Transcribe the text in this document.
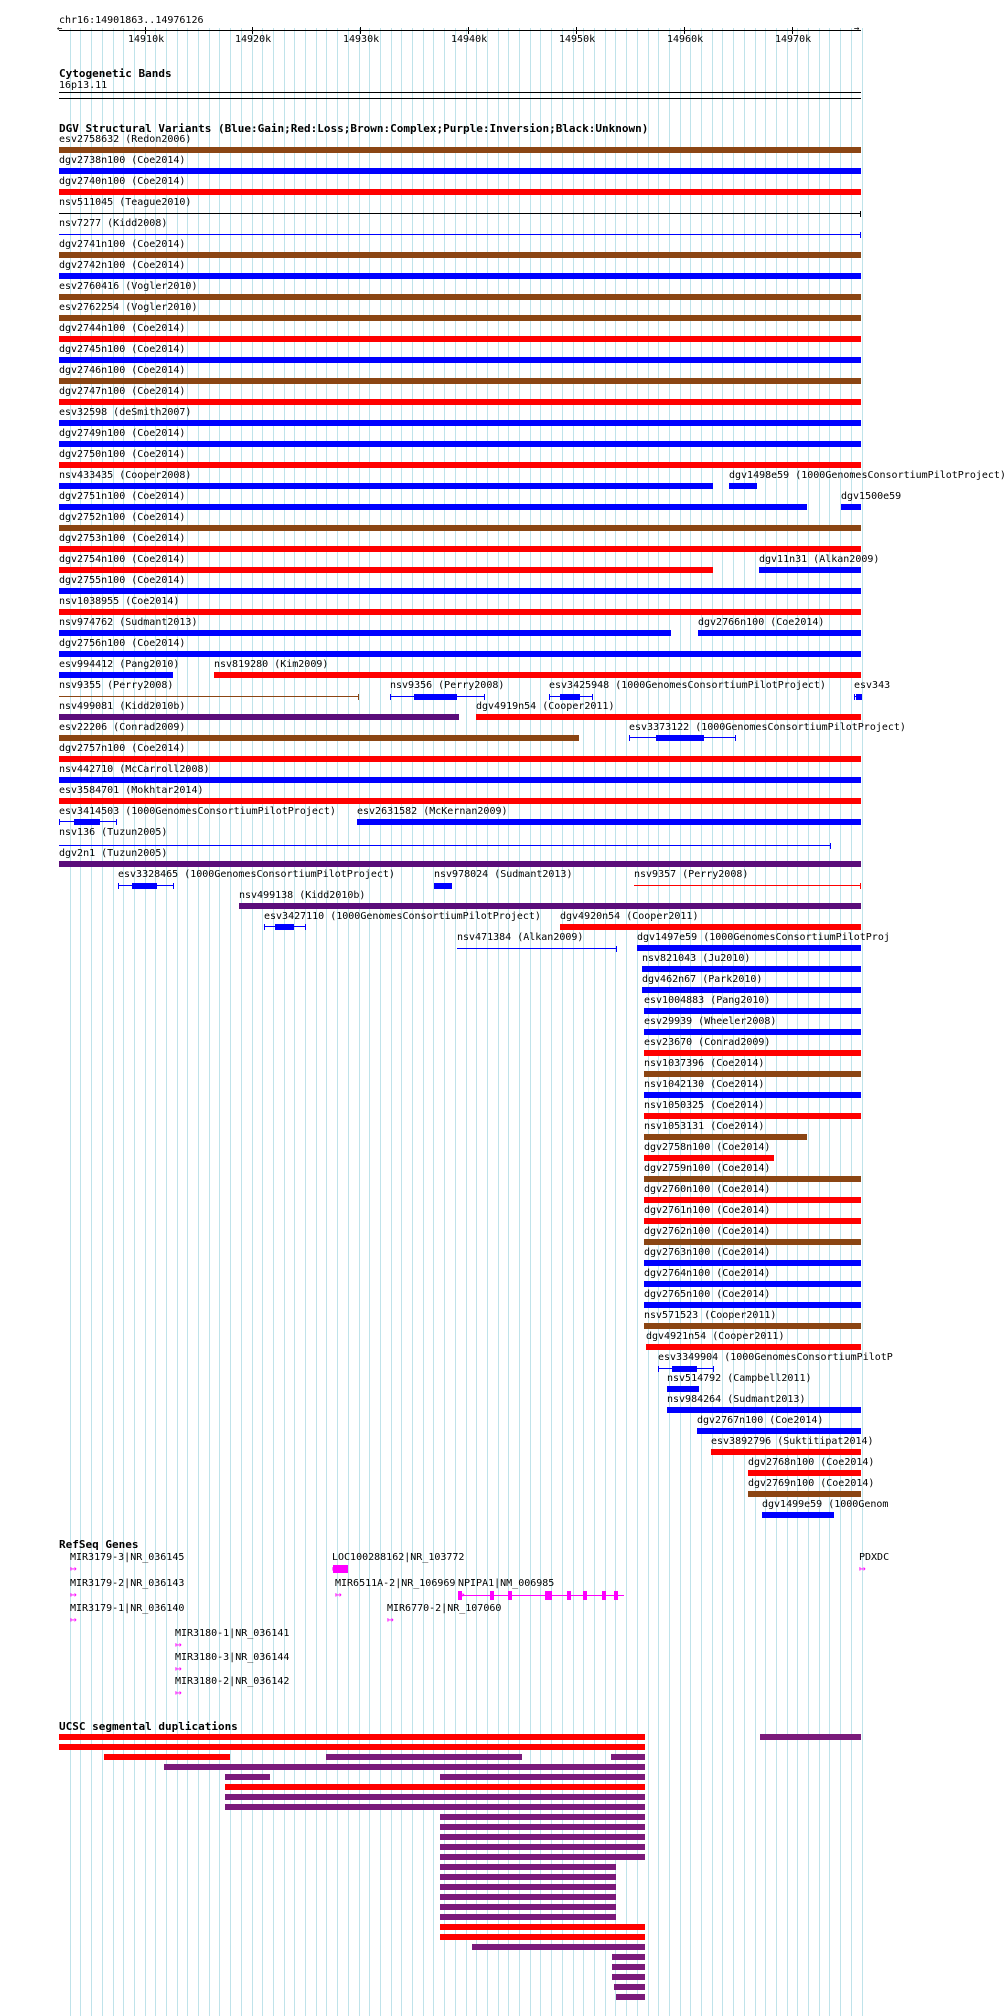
chr16:14901863..14976126
14910k	14920k	14930k	14940k	14950k	14960k	14970k
←	→
Cytogenetic Bands
16p13.11
DGV Structural Variants (Blue:Gain;Red:Loss;Brown:Complex;Purple:Inversion;Black:Unknown)
esv2758632 (Redon2006)
dgv2738n100 (Coe2014)
dgv2740n100 (Coe2014)
nsv511045 (Teague2010)
nsv7277 (Kidd2008)
dgv2741n100 (Coe2014)
dgv2742n100 (Coe2014)
esv2760416 (Vogler2010)
esv2762254 (Vogler2010)
dgv2744n100 (Coe2014)
dgv2745n100 (Coe2014)
dgv2746n100 (Coe2014)
dgv2747n100 (Coe2014)
esv32598 (deSmith2007)
dgv2749n100 (Coe2014)
dgv2750n100 (Coe2014)
nsv433435 (Cooper2008)	dgv1498e59 (1000GenomesConsortiumPilotProject)
dgv2751n100 (Coe2014)	dgv1500e59
dgv2752n100 (Coe2014)
dgv2753n100 (Coe2014)
dgv2754n100 (Coe2014)	dgv11n31 (Alkan2009)
dgv2755n100 (Coe2014)
nsv1038955 (Coe2014)
nsv974762 (Sudmant2013)	dgv2766n100 (Coe2014)
dgv2756n100 (Coe2014)
esv994412 (Pang2010)	nsv819280 (Kim2009)
nsv9355 (Perry2008)	nsv9356 (Perry2008)	esv3425948 (1000GenomesConsortiumPilotProject)	esv343
nsv499081 (Kidd2010b)	dgv4919n54 (Cooper2011)
esv22206 (Conrad2009)	esv3373122 (1000GenomesConsortiumPilotProject)
dgv2757n100 (Coe2014)
nsv442710 (McCarroll2008)
esv3584701 (Mokhtar2014)
esv3414503 (1000GenomesConsortiumPilotProject) esv2631582 (McKernan2009)
nsv136 (Tuzun2005)
dgv2n1 (Tuzun2005)
esv3328465 (1000GenomesConsortiumPilotProject)	nsv978024 (Sudmant2013)	nsv9357 (Perry2008)
nsv499138 (Kidd2010b)
esv3427110 (1000GenomesConsortiumPilotProject) dgv4920n54 (Cooper2011)
nsv471384 (Alkan2009)	dgv1497e59 (1000GenomesConsortiumPilotProj
nsv821043 (Ju2010)
dgv462n67 (Park2010)
esv1004883 (Pang2010)
esv29939 (Wheeler2008)
esv23670 (Conrad2009)
nsv1037396 (Coe2014)
nsv1042130 (Coe2014)
nsv1050325 (Coe2014)
nsv1053131 (Coe2014)
dgv2758n100 (Coe2014)
dgv2759n100 (Coe2014)
dgv2760n100 (Coe2014)
dgv2761n100 (Coe2014)
dgv2762n100 (Coe2014)
dgv2763n100 (Coe2014)
dgv2764n100 (Coe2014)
dgv2765n100 (Coe2014)
nsv571523 (Cooper2011)
dgv4921n54 (Cooper2011)
esv3349904 (1000GenomesConsortiumPilotP
nsv514792 (Campbell2011)
nsv984264 (Sudmant2013)
dgv2767n100 (Coe2014)
esv3892796 (Suktitipat2014)
dgv2768n100 (Coe2014)
dgv2769n100 (Coe2014)
dgv1499e59 (1000Genom
RefSeq Genes
MIR3179-3|NR_036145
↦
MIR3179-2|NR_036143
↦
MIR3179-1|NR_036140
↦
MIR3180-1|NR_036141
↦
MIR3180-3|NR_036144
↦
MIR3180-2|NR_036142
↦
LOC100288162|NR_103772
MIR6511A-2|NR_106969
↦
NPIPA1|NM_006985
MIR6770-2|NR_107060
↦
PDXDC
↦
UCSC segmental duplications
